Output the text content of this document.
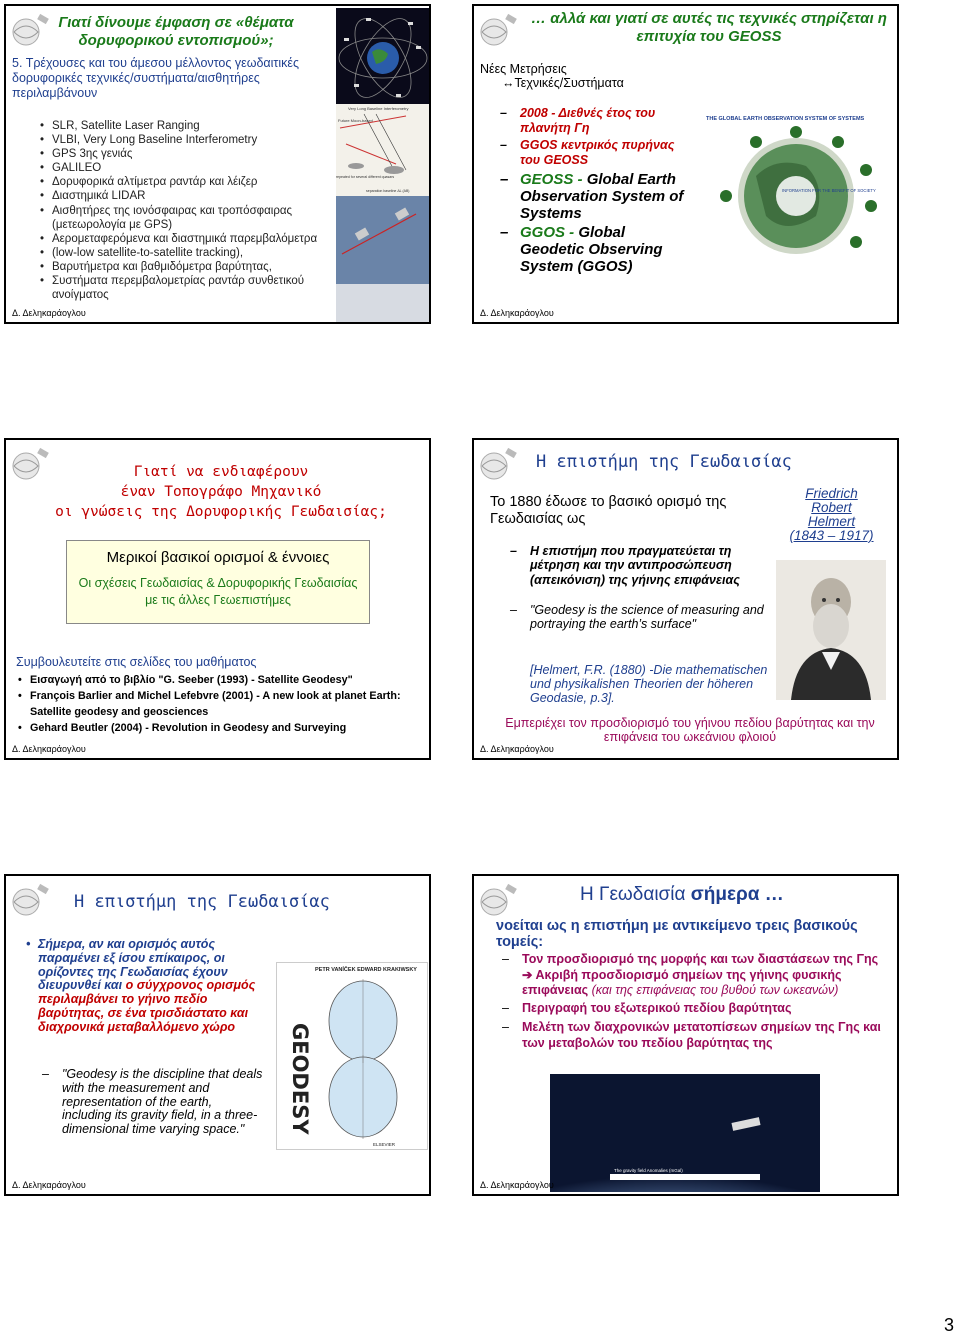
Γιατί δίνουμε έμφαση σε «θέματα δορυφορικού εντοπισμού»;
5. Τρέχουσες και του άμεσου μέλλοντος γεωδαιτικές δορυφορικές τεχνικές/συστήματα/αισθητήρες περιλαμβάνουν
• SLR, Satellite Laser Ranging
• VLBI, Very Long Baseline Interferometry
• GPS 3ης γενιάς
• GALILEO
• Δορυφορικά αλτίμετρα ραντάρ και λέιζερ
• Διαστημικά LIDAR
• Αισθητήρες της ιονόσφαιρας και τροπόσφαιρας (μετεωρολογία με GPS)
• Αερομεταφερόμενα και διαστημικά παρεμβαλόμετρα
• (low-low satellite-to-satellite tracking),
• Βαρυτήμετρα και βαθμιδόμετρα βαρύτητας,
• Συστήματα περεμβαλομετρίας ραντάρ συνθετικού ανοίγματος
Very Long Baseline Interferometry
Future Moon-based
repeated for several different quasars
separation baseline ΔL (AB)
Δ. Δεληκαράογλου
… αλλά και γιατί σε αυτές τις τεχνικές στηρίζεται η επιτυχία του GEOSS
Νέες Μετρήσεις
↔Τεχνικές/Συστήματα
– 2008 - Διεθνές έτος του πλανήτη Γη
– GGOS κεντρικός πυρήνας του GEOSS
– GEOSS - Global Earth Observation System of Systems
– GGOS - Global Geodetic Observing System (GGOS)
THE GLOBAL EARTH OBSERVATION SYSTEM OF SYSTEMS
INFORMATION FOR THE BENEFIT OF SOCIETY
Δ. Δεληκαράογλου
Γιατί να ενδιαφέρουν
έναν Τοπογράφο Μηχανικό
οι γνώσεις της Δορυφορικής Γεωδαισίας;
Μερικοί βασικοί ορισμοί & έννοιες
Οι σχέσεις Γεωδαισίας & Δορυφορικής Γεωδαισίας με τις άλλες Γεωεπιστήμες
Συμβουλευτείτε στις σελίδες του μαθήματος
• Εισαγωγή από το βιβλίο "G. Seeber (1993) - Satellite Geodesy"
• François Barlier and Michel Lefebvre (2001) - A new look at planet Earth: Satellite geodesy and geosciences
• Gehard Beutler (2004) - Revolution in Geodesy and Surveying
Δ. Δεληκαράογλου
Η επιστήμη της Γεωδαισίας
Το 1880 έδωσε το βασικό ορισμό της Γεωδαισίας ως
Friedrich
Robert
Helmert
(1843 – 1917)
– Η επιστήμη που πραγματεύεται τη μέτρηση και την αντιπροσώπευση (απεικόνιση) της γήινης επιφάνειας
– "Geodesy is the science of measuring and portraying the earth’s surface"
[Helmert, F.R. (1880) -Die mathematischen und physikalishen Theorien der höheren Geodasie, p.3].
Εμπεριέχει τον προσδιορισμό του γήινου πεδίου βαρύτητας και την επιφάνεια του ωκεάνιου φλοιού
Δ. Δεληκαράογλου
Η επιστήμη της Γεωδαισίας
• Σήμερα, αν και ορισμός αυτός παραμένει εξ ίσου επίκαιρος, οι ορίζοντες της Γεωδαισίας έχουν διευρυνθεί και ο σύγχρονος ορισμός περιλαμβάνει το γήινο πεδίο βαρύτητας, σε ένα τρισδιάστατο και διαχρονικά μεταβαλλόμενο χώρο
– "Geodesy is the discipline that deals with the measurement and representation of the earth, including its gravity field, in a three-dimensional time varying space."	GEODESY
PETR VANÍČEK EDWARD KRAKIWSKY
ELSEVIER
Δ. Δεληκαράογλου
Η Γεωδαισία σήμερα …
νοείται ως η επιστήμη με αντικείμενο τρεις βασικούς τομείς:
– Τον προσδιορισμό της μορφής και των διαστάσεων της Γης ➔ Ακριβή προσδιορισμό σημείων της γήινης φυσικής επιφάνειας (και της επιφάνειας του βυθού των ωκεανών)
– Περιγραφή του εξωτερικού πεδίου βαρύτητας
– Μελέτη των διαχρονικών μετατοπίσεων σημείων της Γης και των μεταβολών του πεδίου βαρύτητας της
The gravity field Anomalies (mGal)
Δ. Δεληκαράογλου
3
